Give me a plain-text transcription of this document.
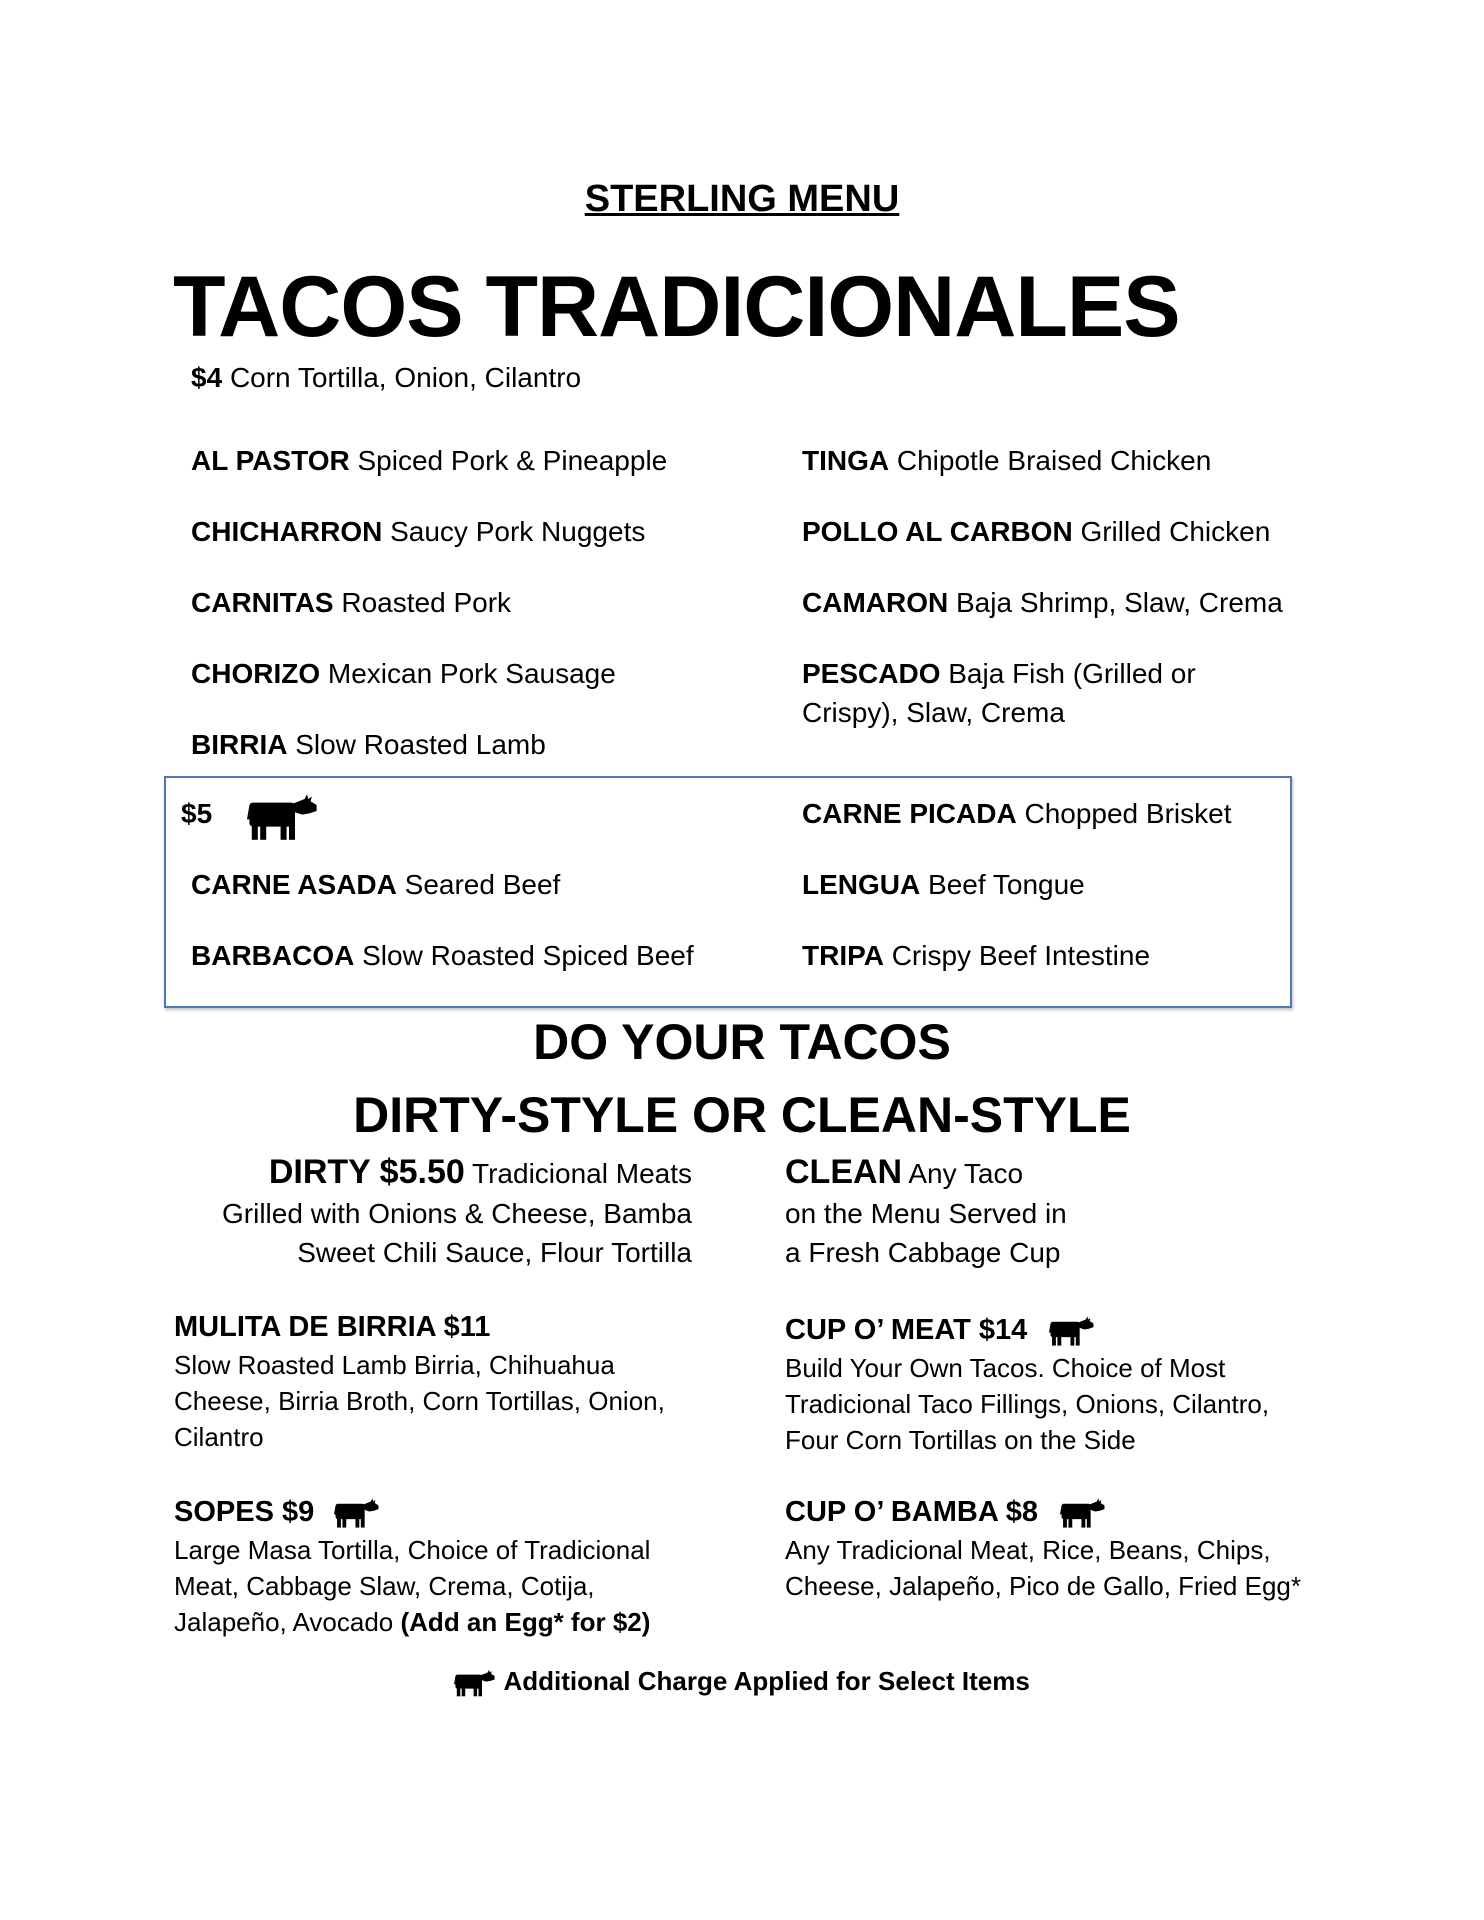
STERLING MENU
TACOS TRADICIONALES
$4 Corn Tortilla, Onion, Cilantro
AL PASTOR Spiced Pork & Pineapple
CHICHARRON Saucy Pork Nuggets
CARNITAS Roasted Pork
CHORIZO Mexican Pork Sausage
BIRRIA Slow Roasted Lamb
TINGA Chipotle Braised Chicken
POLLO AL CARBON Grilled Chicken
CAMARON Baja Shrimp, Slaw, Crema
PESCADO Baja Fish (Grilled or
Crispy), Slaw, Crema
$5
CARNE ASADA Seared Beef
BARBACOA Slow Roasted Spiced Beef
CARNE PICADA Chopped Brisket
LENGUA Beef Tongue
TRIPA Crispy Beef Intestine
DO YOUR TACOS
DIRTY-STYLE OR CLEAN-STYLE
DIRTY $5.50 Tradicional Meats
Grilled with Onions & Cheese, Bamba
Sweet Chili Sauce, Flour Tortilla
CLEAN Any Taco
on the Menu Served in
a Fresh Cabbage Cup
MULITA DE BIRRIA $11
Slow Roasted Lamb Birria, Chihuahua
Cheese, Birria Broth, Corn Tortillas, Onion,
Cilantro
SOPES $9
Large Masa Tortilla, Choice of Tradicional
Meat, Cabbage Slaw, Crema, Cotija,
Jalapeño, Avocado (Add an Egg* for $2)
CUP O’ MEAT $14
Build Your Own Tacos. Choice of Most
Tradicional Taco Fillings, Onions, Cilantro,
Four Corn Tortillas on the Side
CUP O’ BAMBA $8
Any Tradicional Meat, Rice, Beans, Chips,
Cheese, Jalapeño, Pico de Gallo, Fried Egg*
Additional Charge Applied for Select Items
